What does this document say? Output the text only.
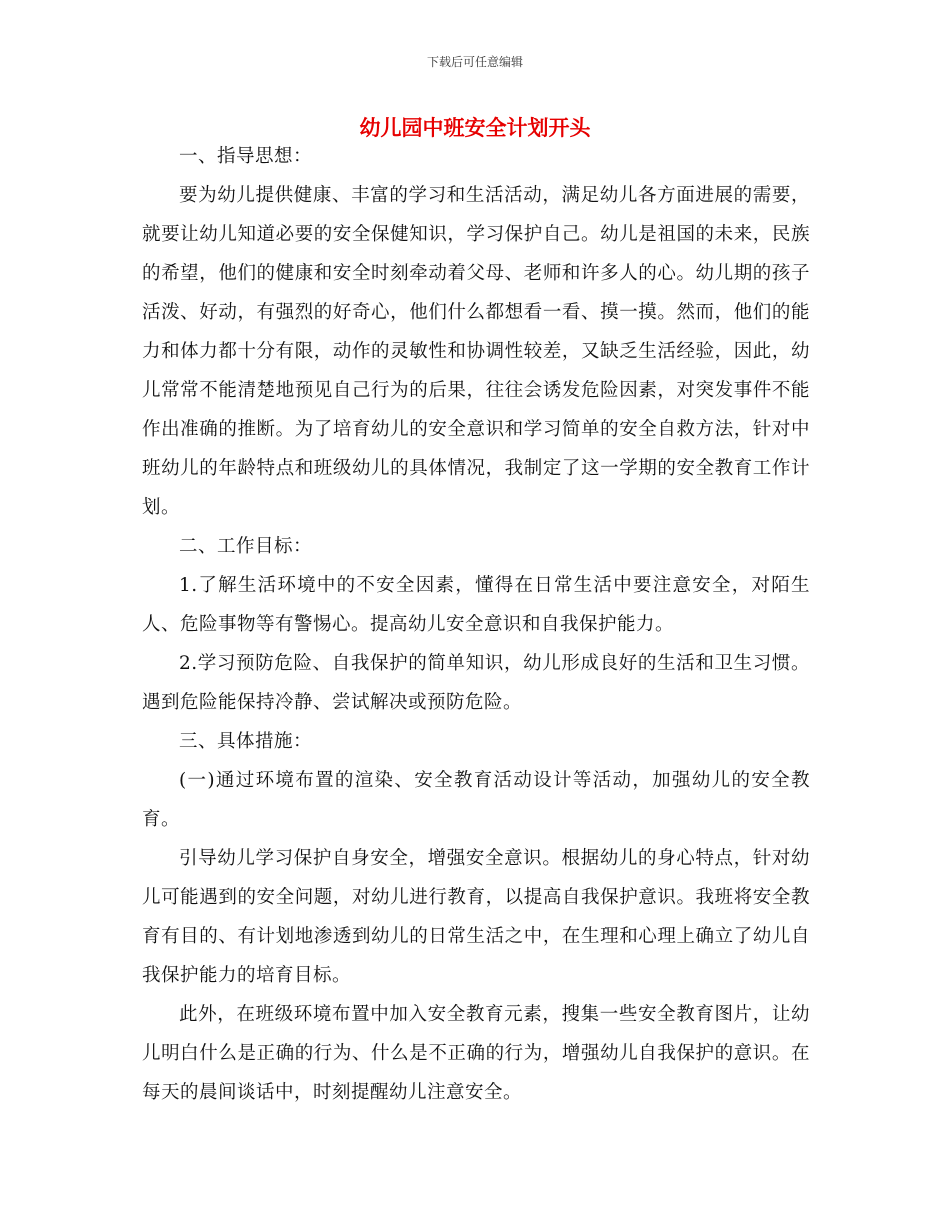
下载后可任意编辑
幼儿园中班安全计划开头

一、指导思想：

要为幼儿提供健康、丰富的学习和生活活动，满足幼儿各方面进展的需要，就要让幼儿知道必要的安全保健知识，学习保护自己。幼儿是祖国的未来，民族的希望，他们的健康和安全时刻牵动着父母、老师和许多人的心。幼儿期的孩子活泼、好动，有强烈的好奇心，他们什么都想看一看、摸一摸。然而，他们的能力和体力都十分有限，动作的灵敏性和协调性较差，又缺乏生活经验，因此，幼儿常常不能清楚地预见自己行为的后果，往往会诱发危险因素，对突发事件不能作出准确的推断。为了培育幼儿的安全意识和学习简单的安全自救方法，针对中班幼儿的年龄特点和班级幼儿的具体情况，我制定了这一学期的安全教育工作计划。

二、工作目标：

1.了解生活环境中的不安全因素，懂得在日常生活中要注意安全，对陌生人、危险事物等有警惕心。提高幼儿安全意识和自我保护能力。

2.学习预防危险、自我保护的简单知识，幼儿形成良好的生活和卫生习惯。遇到危险能保持冷静、尝试解决或预防危险。

三、具体措施：

(一)通过环境布置的渲染、安全教育活动设计等活动，加强幼儿的安全教育。

引导幼儿学习保护自身安全，增强安全意识。根据幼儿的身心特点，针对幼儿可能遇到的安全问题，对幼儿进行教育，以提高自我保护意识。我班将安全教育有目的、有计划地渗透到幼儿的日常生活之中，在生理和心理上确立了幼儿自我保护能力的培育目标。

此外，在班级环境布置中加入安全教育元素，搜集一些安全教育图片，让幼儿明白什么是正确的行为、什么是不正确的行为，增强幼儿自我保护的意识。在每天的晨间谈话中，时刻提醒幼儿注意安全。
